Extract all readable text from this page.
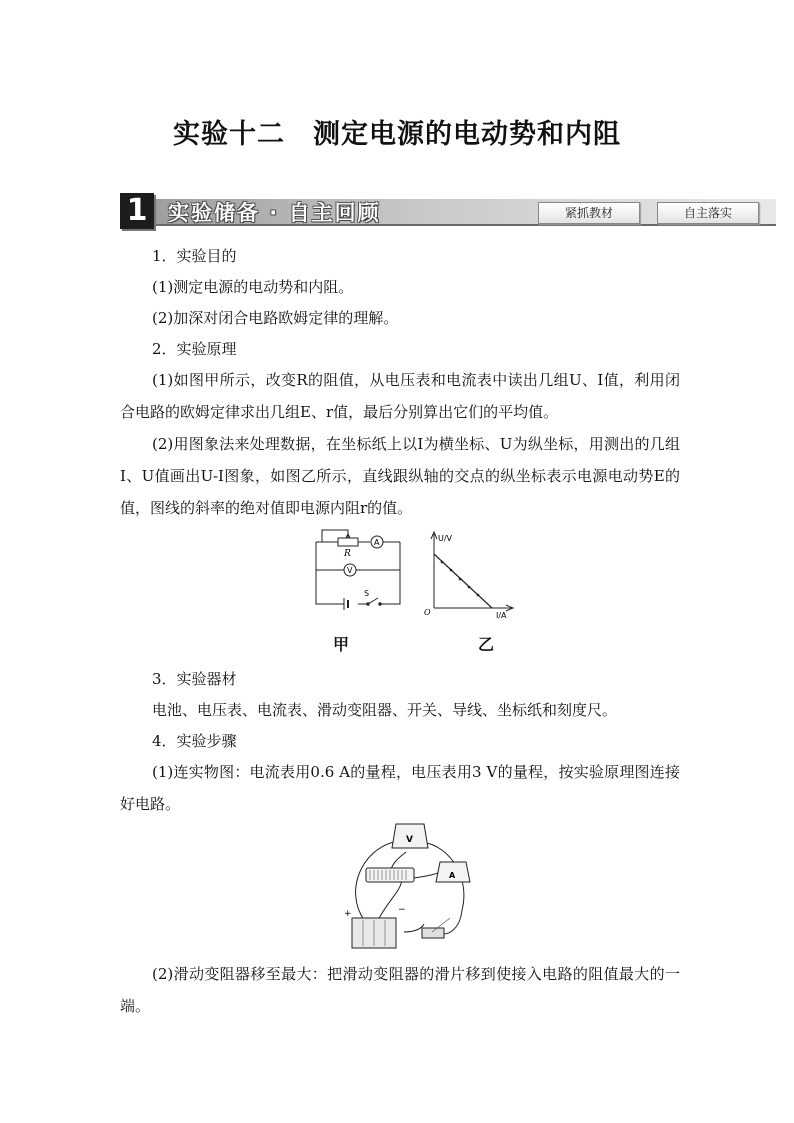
实验十二 测定电源的电动势和内阻
1 实验储备 · 自主回顾	紧抓教材	自主落实

1．实验目的

(1)测定电源的电动势和内阻。

(2)加深对闭合电路欧姆定律的理解。

2．实验原理

(1)如图甲所示，改变R的阻值，从电压表和电流表中读出几组U、I值，利用闭合电路的欧姆定律求出几组E、r值，最后分别算出它们的平均值。

(2)用图象法来处理数据，在坐标纸上以I为横坐标、U为纵坐标，用测出的几组I、U值画出U-I图象，如图乙所示，直线跟纵轴的交点的纵坐标表示电源电动势E的值，图线的斜率的绝对值即电源内阻r的值。

R
A
V
S
U/V
I/A
O
甲	乙

3．实验器材

电池、电压表、电流表、滑动变阻器、开关、导线、坐标纸和刻度尺。

4．实验步骤

(1)连实物图：电流表用0.6 A的量程，电压表用3 V的量程，按实验原理图连接好电路。

V
A
+	−

(2)滑动变阻器移至最大：把滑动变阻器的滑片移到使接入电路的阻值最大的一端。
